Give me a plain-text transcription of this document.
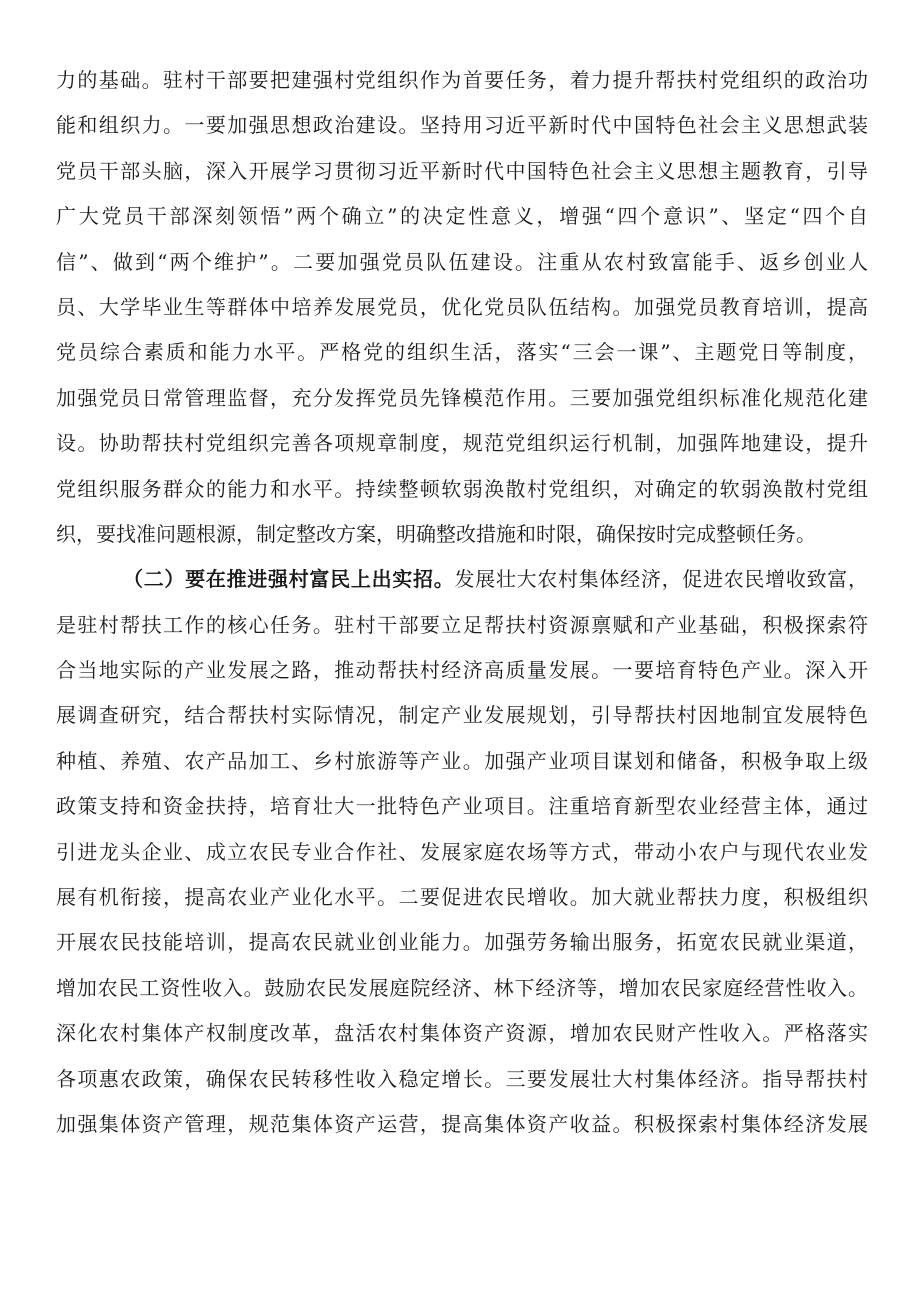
力的基础。驻村干部要把建强村党组织作为首要任务，着力提升帮扶村党组织的政治功
能和组织力。一要加强思想政治建设。坚持用习近平新时代中国特色社会主义思想武装
党员干部头脑，深入开展学习贯彻习近平新时代中国特色社会主义思想主题教育，引导
广大党员干部深刻领悟”两个确立”的决定性意义，增强“四个意识”、坚定“四个自
信”、做到“两个维护”。二要加强党员队伍建设。注重从农村致富能手、返乡创业人
员、大学毕业生等群体中培养发展党员，优化党员队伍结构。加强党员教育培训，提高
党员综合素质和能力水平。严格党的组织生活，落实“三会一课”、主题党日等制度，
加强党员日常管理监督，充分发挥党员先锋模范作用。三要加强党组织标准化规范化建
设。协助帮扶村党组织完善各项规章制度，规范党组织运行机制，加强阵地建设，提升
党组织服务群众的能力和水平。持续整顿软弱涣散村党组织，对确定的软弱涣散村党组
织，要找准问题根源，制定整改方案，明确整改措施和时限，确保按时完成整顿任务。
（二）要在推进强村富民上出实招。发展壮大农村集体经济，促进农民增收致富，
是驻村帮扶工作的核心任务。驻村干部要立足帮扶村资源禀赋和产业基础，积极探索符
合当地实际的产业发展之路，推动帮扶村经济高质量发展。一要培育特色产业。深入开
展调查研究，结合帮扶村实际情况，制定产业发展规划，引导帮扶村因地制宜发展特色
种植、养殖、农产品加工、乡村旅游等产业。加强产业项目谋划和储备，积极争取上级
政策支持和资金扶持，培育壮大一批特色产业项目。注重培育新型农业经营主体，通过
引进龙头企业、成立农民专业合作社、发展家庭农场等方式，带动小农户与现代农业发
展有机衔接，提高农业产业化水平。二要促进农民增收。加大就业帮扶力度，积极组织
开展农民技能培训，提高农民就业创业能力。加强劳务输出服务，拓宽农民就业渠道，
增加农民工资性收入。鼓励农民发展庭院经济、林下经济等，增加农民家庭经营性收入。
深化农村集体产权制度改革，盘活农村集体资产资源，增加农民财产性收入。严格落实
各项惠农政策，确保农民转移性收入稳定增长。三要发展壮大村集体经济。指导帮扶村
加强集体资产管理，规范集体资产运营，提高集体资产收益。积极探索村集体经济发展
